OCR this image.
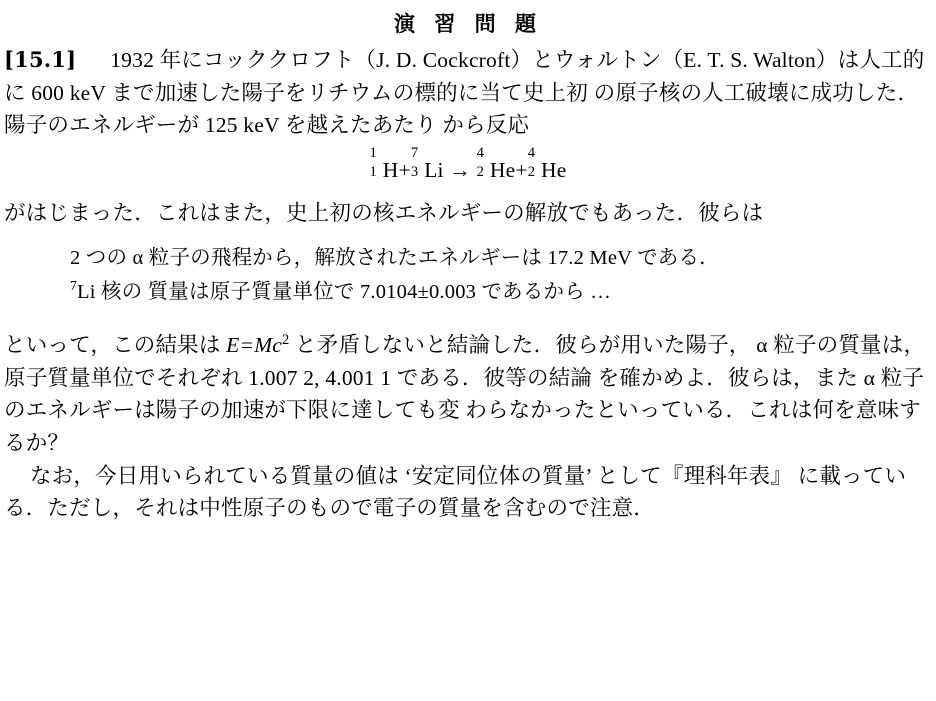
演 習 問 題

[15.1] 1932 年にコッククロフト（J. D. Cockcroft）とウォルトン（E. T. S. Walton）は人工的に 600 keV まで加速した陽子をリチウムの標的に当て史上初 の原子核の人工破壊に成功した．陽子のエネルギーが 125 keV を越えたあたり から反応

1
1 H+
7
3 Li →
4
2 He+
4
2 He

がはじまった．これはまた，史上初の核エネルギーの解放でもあった．彼らは

2 つの α 粒子の飛程から，解放されたエネルギーは 17.2 MeV である．
$^7$Li 核の 質量は原子質量単位で 7.0104±0.003 であるから …

といって，この結果は $E=Mc^2$ と矛盾しないと結論した．彼らが用いた陽子， α 粒子の質量は，原子質量単位でそれぞれ 1.007 2, 4.001 1 である．彼等の結論 を確かめよ．彼らは，また α 粒子のエネルギーは陽子の加速が下限に達しても変 わらなかったといっている．これは何を意味するか？

なお，今日用いられている質量の値は ‘安定同位体の質量’ として『理科年表』 に載っている．ただし，それは中性原子のもので電子の質量を含むので注意．
